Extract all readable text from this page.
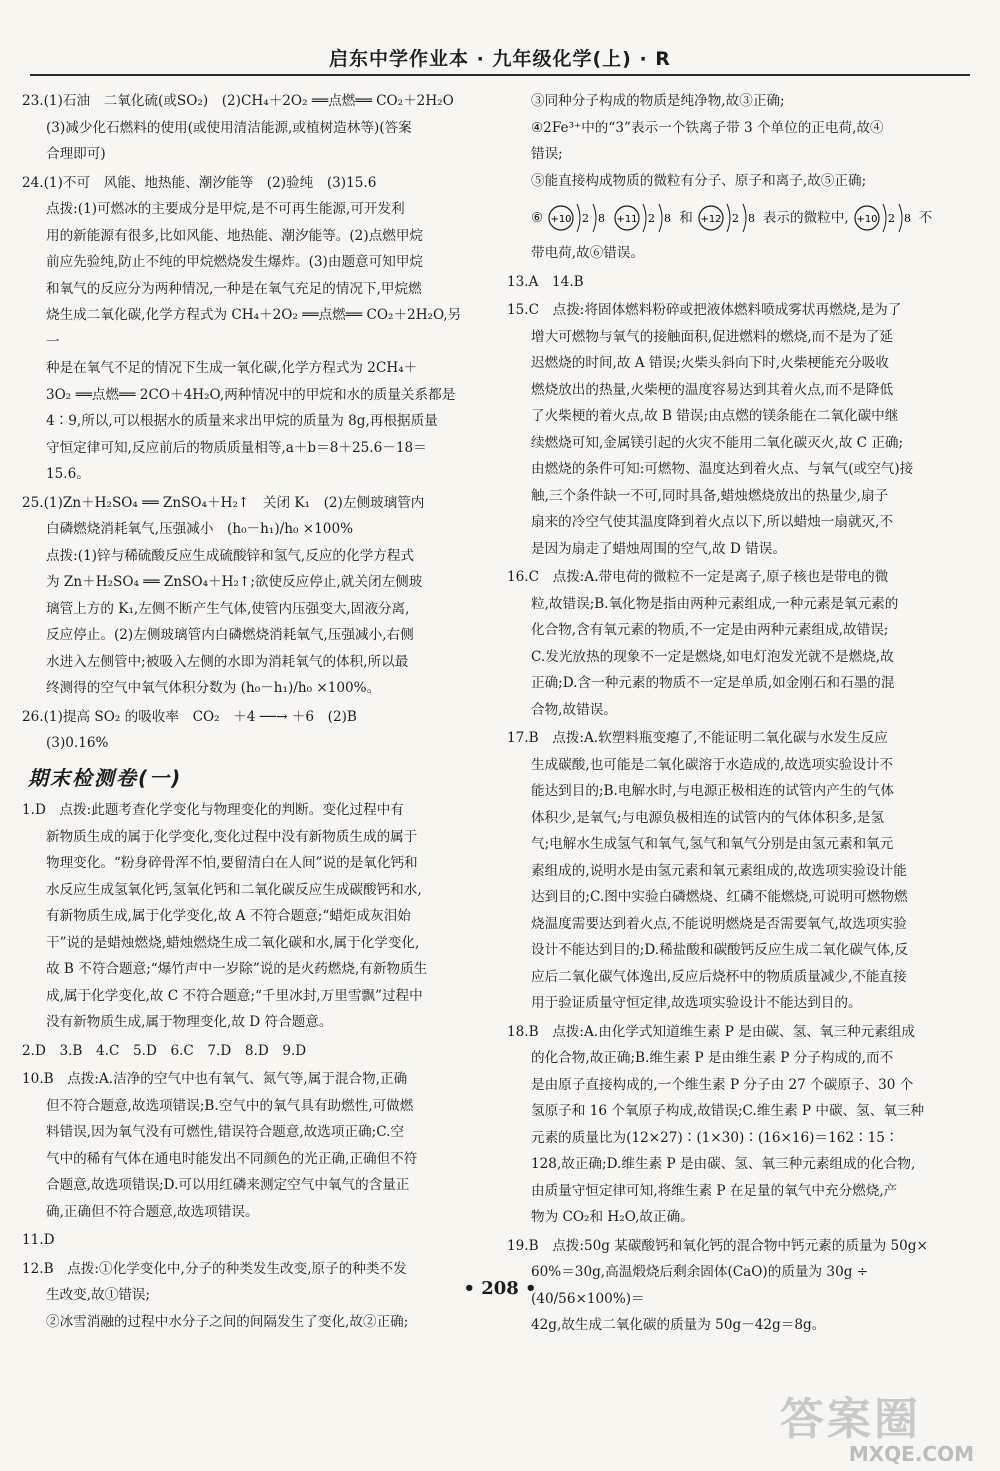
启东中学作业本 · 九年级化学(上) · R
23.(1)石油　二氧化硫(或SO₂)　(2)CH₄＋2O₂ ══点燃══ CO₂＋2H₂O
(3)减少化石燃料的使用(或使用清洁能源,或植树造林等)(答案
合理即可)
24.(1)不可　风能、地热能、潮汐能等　(2)验纯　(3)15.6
点拨:(1)可燃冰的主要成分是甲烷,是不可再生能源,可开发利
用的新能源有很多,比如风能、地热能、潮汐能等。(2)点燃甲烷
前应先验纯,防止不纯的甲烷燃烧发生爆炸。(3)由题意可知甲烷
和氧气的反应分为两种情况,一种是在氧气充足的情况下,甲烷燃
烧生成二氧化碳,化学方程式为 CH₄＋2O₂ ══点燃══ CO₂＋2H₂O,另一
种是在氧气不足的情况下生成一氧化碳,化学方程式为 2CH₄＋
3O₂ ══点燃══ 2CO＋4H₂O,两种情况中的甲烷和水的质量关系都是
4∶9,所以,可以根据水的质量来求出甲烷的质量为 8g,再根据质量
守恒定律可知,反应前后的物质质量相等,a＋b＝8＋25.6－18＝
15.6。
25.(1)Zn＋H₂SO₄ ══ ZnSO₄＋H₂↑　关闭 K₁　(2)左侧玻璃管内
白磷燃烧消耗氧气,压强减小　(h₀－h₁)/h₀ ×100%
点拨:(1)锌与稀硫酸反应生成硫酸锌和氢气,反应的化学方程式
为 Zn＋H₂SO₄ ══ ZnSO₄＋H₂↑;欲使反应停止,就关闭左侧玻
璃管上方的 K₁,左侧不断产生气体,使管内压强变大,固液分离,
反应停止。(2)左侧玻璃管内白磷燃烧消耗氧气,压强减小,右侧
水进入左侧管中;被吸入左侧的水即为消耗氧气的体积,所以最
终测得的空气中氧气体积分数为 (h₀－h₁)/h₀ ×100%。
26.(1)提高 SO₂ 的吸收率　CO₂　＋4 ──→ ＋6　(2)B
(3)0.16%
期末检测卷(一)
1.D　点拨:此题考查化学变化与物理变化的判断。变化过程中有
新物质生成的属于化学变化,变化过程中没有新物质生成的属于
物理变化。“粉身碎骨浑不怕,要留清白在人间”说的是氧化钙和
水反应生成氢氧化钙,氢氧化钙和二氧化碳反应生成碳酸钙和水,
有新物质生成,属于化学变化,故 A 不符合题意;“蜡炬成灰泪始
干”说的是蜡烛燃烧,蜡烛燃烧生成二氧化碳和水,属于化学变化,
故 B 不符合题意;“爆竹声中一岁除”说的是火药燃烧,有新物质生
成,属于化学变化,故 C 不符合题意;“千里冰封,万里雪飘”过程中
没有新物质生成,属于物理变化,故 D 符合题意。
2.D　3.B　4.C　5.D　6.C　7.D　8.D　9.D
10.B　点拨:A.洁净的空气中也有氧气、氮气等,属于混合物,正确
但不符合题意,故选项错误;B.空气中的氧气具有助燃性,可做燃
料错误,因为氧气没有可燃性,错误符合题意,故选项正确;C.空
气中的稀有气体在通电时能发出不同颜色的光正确,正确但不符
合题意,故选项错误;D.可以用红磷来测定空气中氧气的含量正
确,正确但不符合题意,故选项错误。
11.D
12.B　点拨:①化学变化中,分子的种类发生改变,原子的种类不发
生改变,故①错误;
②冰雪消融的过程中水分子之间的间隔发生了变化,故②正确;
③同种分子构成的物质是纯净物,故③正确;
④2Fe³⁺中的“3”表示一个铁离子带 3 个单位的正电荷,故④
错误;
⑤能直接构成物质的微粒有分子、原子和离子,故⑤正确;
⑥ +10 2 8 +11 2 8 和 +12 2 8 表示的微粒中, +10 2 8 不
带电荷,故⑥错误。
13.A　14.B
15.C　点拨:将固体燃料粉碎或把液体燃料喷成雾状再燃烧,是为了
增大可燃物与氧气的接触面积,促进燃料的燃烧,而不是为了延
迟燃烧的时间,故 A 错误;火柴头斜向下时,火柴梗能充分吸收
燃烧放出的热量,火柴梗的温度容易达到其着火点,而不是降低
了火柴梗的着火点,故 B 错误;由点燃的镁条能在二氧化碳中继
续燃烧可知,金属镁引起的火灾不能用二氧化碳灭火,故 C 正确;
由燃烧的条件可知:可燃物、温度达到着火点、与氧气(或空气)接
触,三个条件缺一不可,同时具备,蜡烛燃烧放出的热量少,扇子
扇来的冷空气使其温度降到着火点以下,所以蜡烛一扇就灭,不
是因为扇走了蜡烛周围的空气,故 D 错误。
16.C　点拨:A.带电荷的微粒不一定是离子,原子核也是带电的微
粒,故错误;B.氧化物是指由两种元素组成,一种元素是氧元素的
化合物,含有氧元素的物质,不一定是由两种元素组成,故错误;
C.发光放热的现象不一定是燃烧,如电灯泡发光就不是燃烧,故
正确;D.含一种元素的物质不一定是单质,如金刚石和石墨的混
合物,故错误。
17.B　点拨:A.软塑料瓶变瘪了,不能证明二氧化碳与水发生反应
生成碳酸,也可能是二氧化碳溶于水造成的,故选项实验设计不
能达到目的;B.电解水时,与电源正极相连的试管内产生的气体
体积少,是氧气;与电源负极相连的试管内的气体体积多,是氢
气;电解水生成氢气和氧气,氢气和氧气分别是由氢元素和氧元
素组成的,说明水是由氢元素和氧元素组成的,故选项实验设计能
达到目的;C.图中实验白磷燃烧、红磷不能燃烧,可说明可燃物燃
烧温度需要达到着火点,不能说明燃烧是否需要氧气,故选项实验
设计不能达到目的;D.稀盐酸和碳酸钙反应生成二氧化碳气体,反
应后二氧化碳气体逸出,反应后烧杯中的物质质量减少,不能直接
用于验证质量守恒定律,故选项实验设计不能达到目的。
18.B　点拨:A.由化学式知道维生素 P 是由碳、氢、氧三种元素组成
的化合物,故正确;B.维生素 P 是由维生素 P 分子构成的,而不
是由原子直接构成的,一个维生素 P 分子由 27 个碳原子、30 个
氢原子和 16 个氧原子构成,故错误;C.维生素 P 中碳、氢、氧三种
元素的质量比为(12×27)∶(1×30)∶(16×16)＝162∶15∶
128,故正确;D.维生素 P 是由碳、氢、氧三种元素组成的化合物,
由质量守恒定律可知,将维生素 P 在足量的氧气中充分燃烧,产
物为 CO₂和 H₂O,故正确。
19.B　点拨:50g 某碳酸钙和氧化钙的混合物中钙元素的质量为 50g×
60%＝30g,高温煅烧后剩余固体(CaO)的质量为 30g ÷ (40/56×100%)＝
42g,故生成二氧化碳的质量为 50g－42g＝8g。
• 208 •
答案圈
MXQE.COM
